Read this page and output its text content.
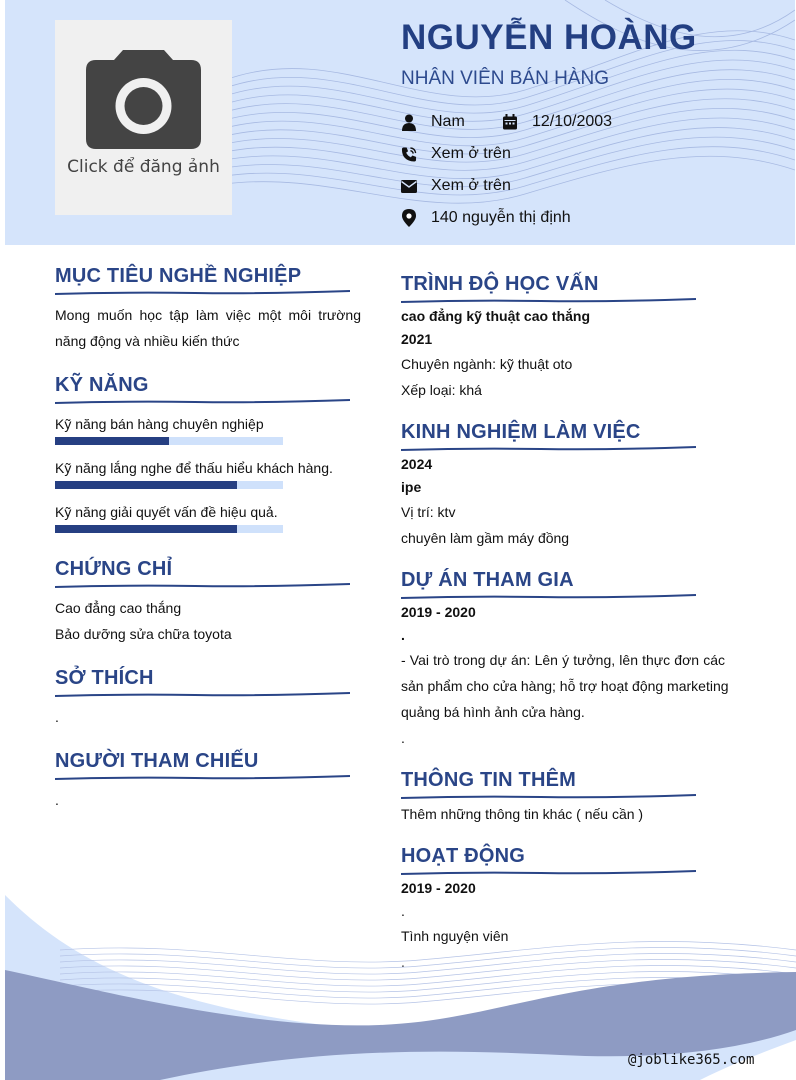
Click để đăng ảnh
NGUYỄN HOÀNG
NHÂN VIÊN BÁN HÀNG
Nam	12/10/2003
Xem ở trên
Xem ở trên
140 nguyễn thị định
MỤC TIÊU NGHỀ NGHIỆP
Mong muốn học tập làm việc một môi trường
năng động và nhiều kiến thức
KỸ NĂNG
Kỹ năng bán hàng chuyên nghiệp
Kỹ năng lắng nghe để thấu hiểu khách hàng.
Kỹ năng giải quyết vấn đề hiệu quả.
CHỨNG CHỈ
Cao đẳng cao thắng
Bảo dưỡng sửa chữa toyota
SỞ THÍCH
.
NGƯỜI THAM CHIẾU
.
TRÌNH ĐỘ HỌC VẤN
cao đẳng kỹ thuật cao thắng
2021
Chuyên ngành: kỹ thuật oto
Xếp loại: khá
KINH NGHIỆM LÀM VIỆC
2024
ipe
Vị trí: ktv
chuyên làm gầm máy đồng
DỰ ÁN THAM GIA
2019 - 2020
.
- Vai trò trong dự án: Lên ý tưởng, lên thực đơn các
sản phẩm cho cửa hàng; hỗ trợ hoạt động marketing
quảng bá hình ảnh cửa hàng.
.
THÔNG TIN THÊM
Thêm những thông tin khác ( nếu cần )
HOẠT ĐỘNG
2019 - 2020
.
Tình nguyện viên
.
@joblike365.com
